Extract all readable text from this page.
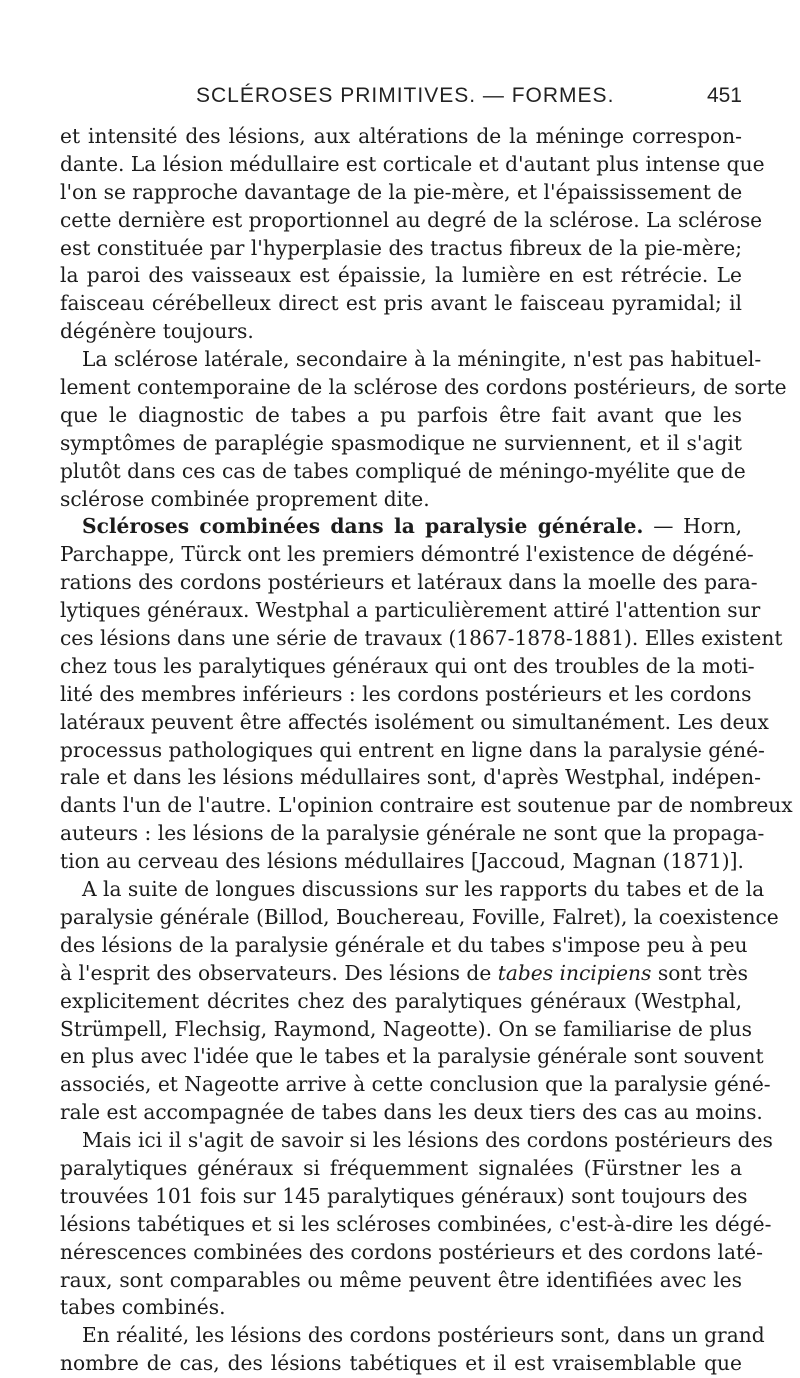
SCLÉROSES PRIMITIVES. — FORMES.	451
et intensité des lésions, aux altérations de la méninge correspon-
dante. La lésion médullaire est corticale et d'autant plus intense que
l'on se rapproche davantage de la pie-mère, et l'épaississement de
cette dernière est proportionnel au degré de la sclérose. La sclérose
est constituée par l'hyperplasie des tractus fibreux de la pie-mère;
la paroi des vaisseaux est épaissie, la lumière en est rétrécie. Le
faisceau cérébelleux direct est pris avant le faisceau pyramidal; il
dégénère toujours.
La sclérose latérale, secondaire à la méningite, n'est pas habituel-
lement contemporaine de la sclérose des cordons postérieurs, de sorte
que le diagnostic de tabes a pu parfois être fait avant que les
symptômes de paraplégie spasmodique ne surviennent, et il s'agit
plutôt dans ces cas de tabes compliqué de méningo-myélite que de
sclérose combinée proprement dite.
Scléroses combinées dans la paralysie générale. — Horn,
Parchappe, Türck ont les premiers démontré l'existence de dégéné-
rations des cordons postérieurs et latéraux dans la moelle des para-
lytiques généraux. Westphal a particulièrement attiré l'attention sur
ces lésions dans une série de travaux (1867-1878-1881). Elles existent
chez tous les paralytiques généraux qui ont des troubles de la moti-
lité des membres inférieurs : les cordons postérieurs et les cordons
latéraux peuvent être affectés isolément ou simultanément. Les deux
processus pathologiques qui entrent en ligne dans la paralysie géné-
rale et dans les lésions médullaires sont, d'après Westphal, indépen-
dants l'un de l'autre. L'opinion contraire est soutenue par de nombreux
auteurs : les lésions de la paralysie générale ne sont que la propaga-
tion au cerveau des lésions médullaires [Jaccoud, Magnan (1871)].
A la suite de longues discussions sur les rapports du tabes et de la
paralysie générale (Billod, Bouchereau, Foville, Falret), la coexistence
des lésions de la paralysie générale et du tabes s'impose peu à peu
à l'esprit des observateurs. Des lésions de tabes incipiens sont très
explicitement décrites chez des paralytiques généraux (Westphal,
Strümpell, Flechsig, Raymond, Nageotte). On se familiarise de plus
en plus avec l'idée que le tabes et la paralysie générale sont souvent
associés, et Nageotte arrive à cette conclusion que la paralysie géné-
rale est accompagnée de tabes dans les deux tiers des cas au moins.
Mais ici il s'agit de savoir si les lésions des cordons postérieurs des
paralytiques généraux si fréquemment signalées (Fürstner les a
trouvées 101 fois sur 145 paralytiques généraux) sont toujours des
lésions tabétiques et si les scléroses combinées, c'est-à-dire les dégé-
nérescences combinées des cordons postérieurs et des cordons laté-
raux, sont comparables ou même peuvent être identifiées avec les
tabes combinés.
En réalité, les lésions des cordons postérieurs sont, dans un grand
nombre de cas, des lésions tabétiques et il est vraisemblable que
